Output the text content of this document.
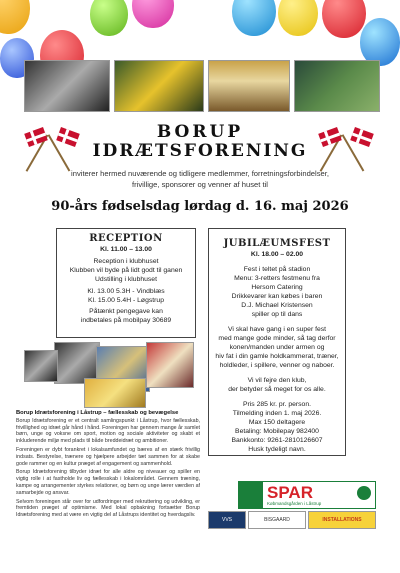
BORUP
IDRÆTSFORENING
inviterer hermed nuværende og tidligere medlemmer, forretningsforbindelser, frivillige, sponsorer og venner af huset til
90-års fødselsdag lørdag d. 16. maj 2026
RECEPTION
Kl. 11.00 – 13.00
Reception i klubhuset
Klubben vil byde på lidt godt til ganen
Udstilling i klubhuset
Kl. 13.00 5.3H - Vindblæs
Kl. 15.00 5.4H - Løgstrup
Påtænkt pengegave kan
indbetales på mobilpay 30689
JUBILÆUMSFEST
Kl. 18.00 – 02.00
Fest i teltet på stadion
Menu: 3-retters festmenu fra
Hersom Catering
Drikkevarer kan købes i baren
D.J. Michael Kristensen
spiller op til dans
Vi skal have gang i en super fest
med mange gode minder, så tag derfor
konen/manden under armen og
hiv fat i din gamle holdkammerat, træner,
holdleder, i spillere, venner og naboer.
Vi vil fejre den klub,
der betyder så meget for os alle.
Pris 285 kr. pr. person.
Tilmelding inden 1. maj 2026.
Max 150 deltagere
Betaling: Mobilepay 982400
Bankkonto: 9261-2810126607
Husk tydeligt navn.
Borup Idrætsforening i Låstrup – fællesskab og bevægelse

Borup Idrætsforening er et centralt samlingspunkt i Låstrup, hvor fællesskab, frivillighed og idræt går hånd i hånd. Foreningen har gennem mange år samlet børn, unge og voksne om sport, motion og sociale aktiviteter og skabt et inkluderende miljø med plads til både breddeidræt og ambitioner.

Foreningen er dybt forankret i lokalsamfundet og bæres af en stærk frivillig indsats. Bestyrelse, trænere og hjælpere arbejder tæt sammen for at skabe gode rammer og en kultur præget af engagement og sammenhold.

Borup Idrætsforening tilbyder idræt for alle aldre og niveauer og spiller en vigtig rolle i at fastholde liv og fællesskab i lokalområdet. Gennem træning, kampe og arrangementer styrkes relationer, og børn og unge lærer værdien af samarbejde og ansvar.

Selvom foreningen står over for udfordringer med rekruttering og udvikling, er fremtiden præget af optimisme. Med lokal opbakning fortsætter Borup Idrætsforening med at være en vigtig del af Låstrups identitet og hverdagsliv.

SPAR
Købmandsgården i Låstrup
VVS	BISGAARD	INSTALLATIONS
